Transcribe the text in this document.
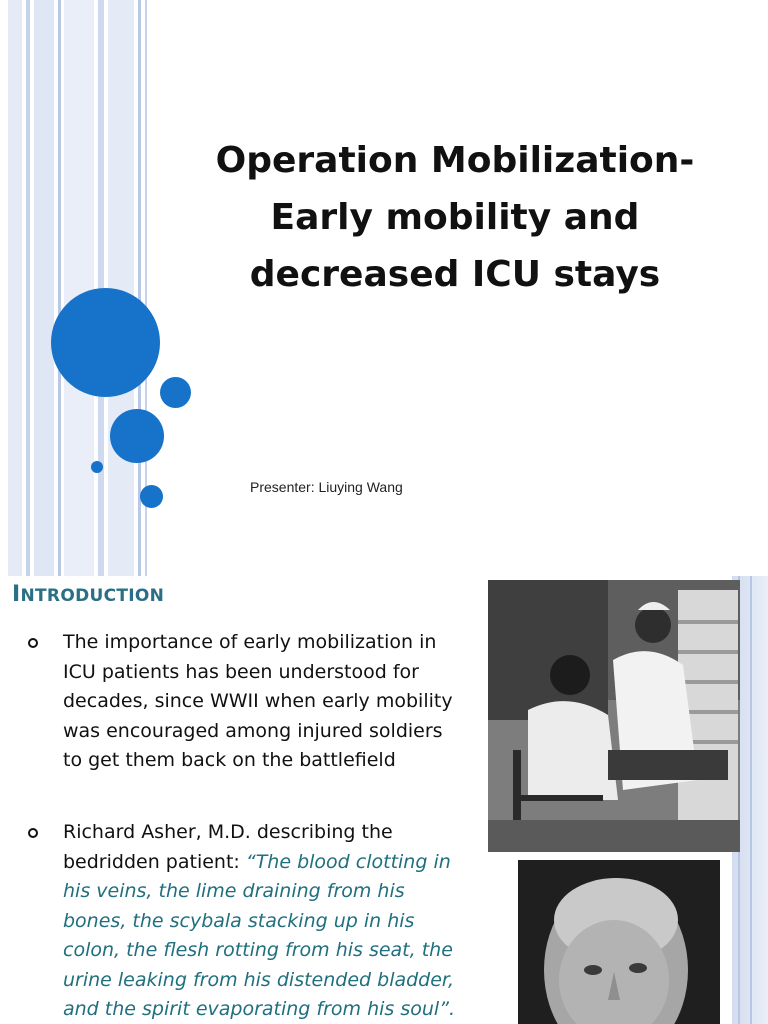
Operation Mobilization-
Early mobility and
decreased ICU stays
Presenter: Liuying Wang
INTRODUCTION
The importance of early mobilization in
ICU patients has been understood for
decades, since WWII when early mobility
was encouraged among injured soldiers
to get them back on the battlefield
Richard Asher, M.D. describing the
bedridden patient: “The blood clotting in
his veins, the lime draining from his
bones, the scybala stacking up in his
colon, the flesh rotting from his seat, the
urine leaking from his distended bladder,
and the spirit evaporating from his soul”.
